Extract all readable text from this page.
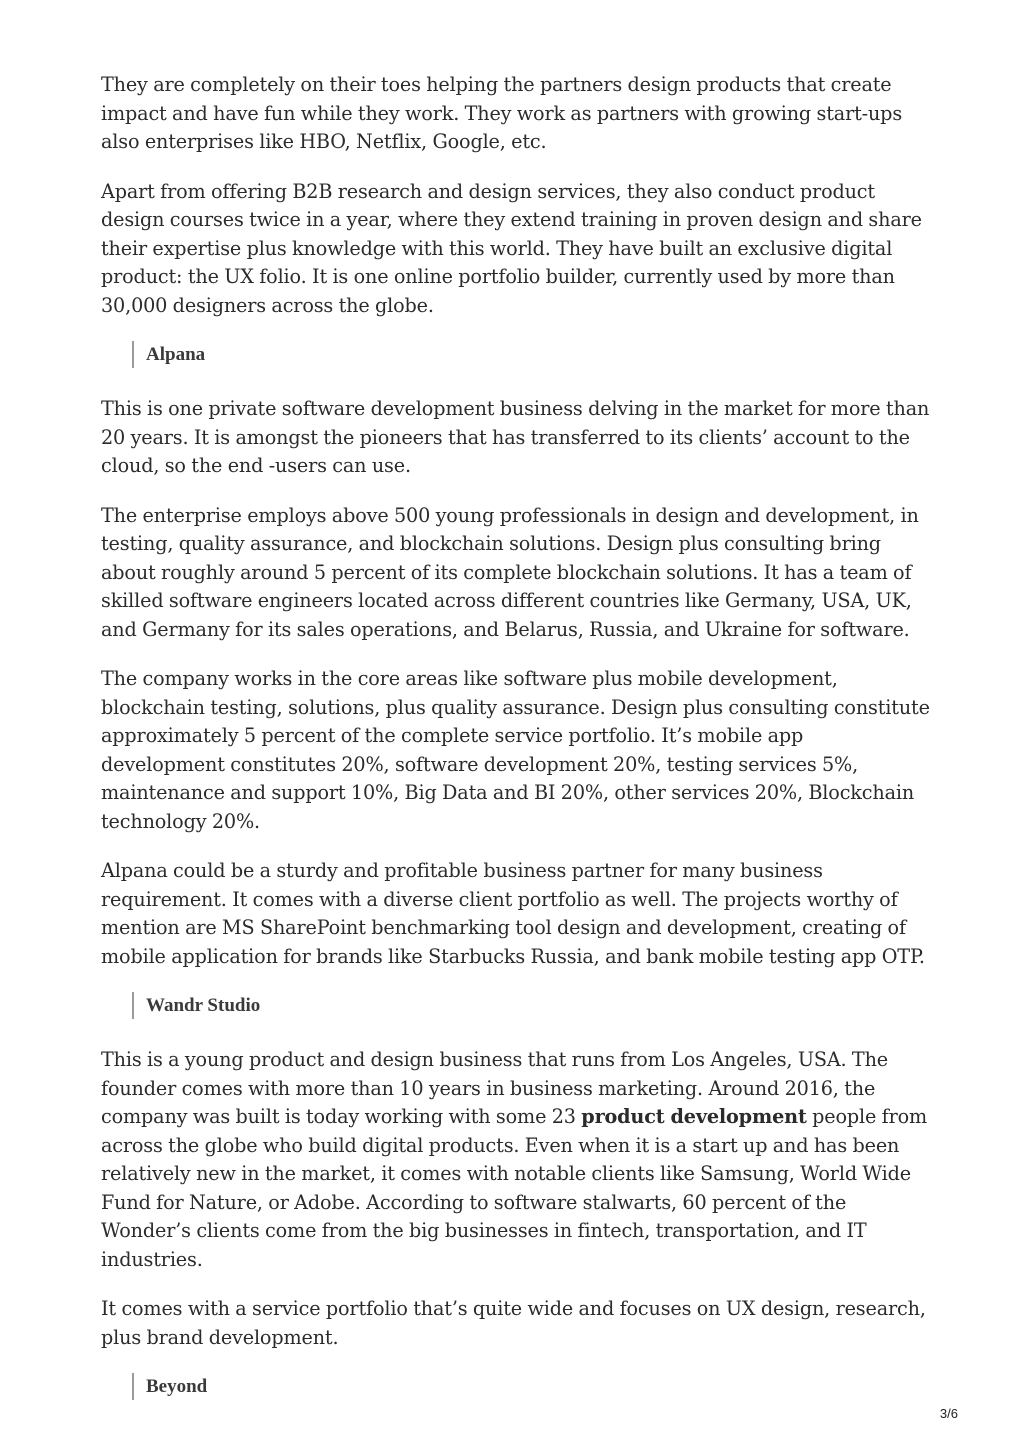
They are completely on their toes helping the partners design products that create impact and have fun while they work. They work as partners with growing start-ups also enterprises like HBO, Netflix, Google, etc.

Apart from offering B2B research and design services, they also conduct product design courses twice in a year, where they extend training in proven design and share their expertise plus knowledge with this world. They have built an exclusive digital product: the UX folio. It is one online portfolio builder, currently used by more than 30,000 designers across the globe.

Alpana

This is one private software development business delving in the market for more than 20 years. It is amongst the pioneers that has transferred to its clients’ account to the cloud, so the end -users can use.

The enterprise employs above 500 young professionals in design and development, in testing, quality assurance, and blockchain solutions. Design plus consulting bring about roughly around 5 percent of its complete blockchain solutions. It has a team of skilled software engineers located across different countries like Germany, USA, UK, and Germany for its sales operations, and Belarus, Russia, and Ukraine for software.

The company works in the core areas like software plus mobile development, blockchain testing, solutions, plus quality assurance. Design plus consulting constitute approximately 5 percent of the complete service portfolio. It’s mobile app development constitutes 20%, software development 20%, testing services 5%, maintenance and support 10%, Big Data and BI 20%, other services 20%, Blockchain technology 20%.

Alpana could be a sturdy and profitable business partner for many business requirement. It comes with a diverse client portfolio as well. The projects worthy of mention are MS SharePoint benchmarking tool design and development, creating of mobile application for brands like Starbucks Russia, and bank mobile testing app OTP.

Wandr Studio

This is a young product and design business that runs from Los Angeles, USA. The founder comes with more than 10 years in business marketing. Around 2016, the company was built is today working with some 23 product development people from across the globe who build digital products. Even when it is a start up and has been relatively new in the market, it comes with notable clients like Samsung, World Wide Fund for Nature, or Adobe. According to software stalwarts, 60 percent of the Wonder’s clients come from the big businesses in fintech, transportation, and IT industries.

It comes with a service portfolio that’s quite wide and focuses on UX design, research, plus brand development.

Beyond
3/6
